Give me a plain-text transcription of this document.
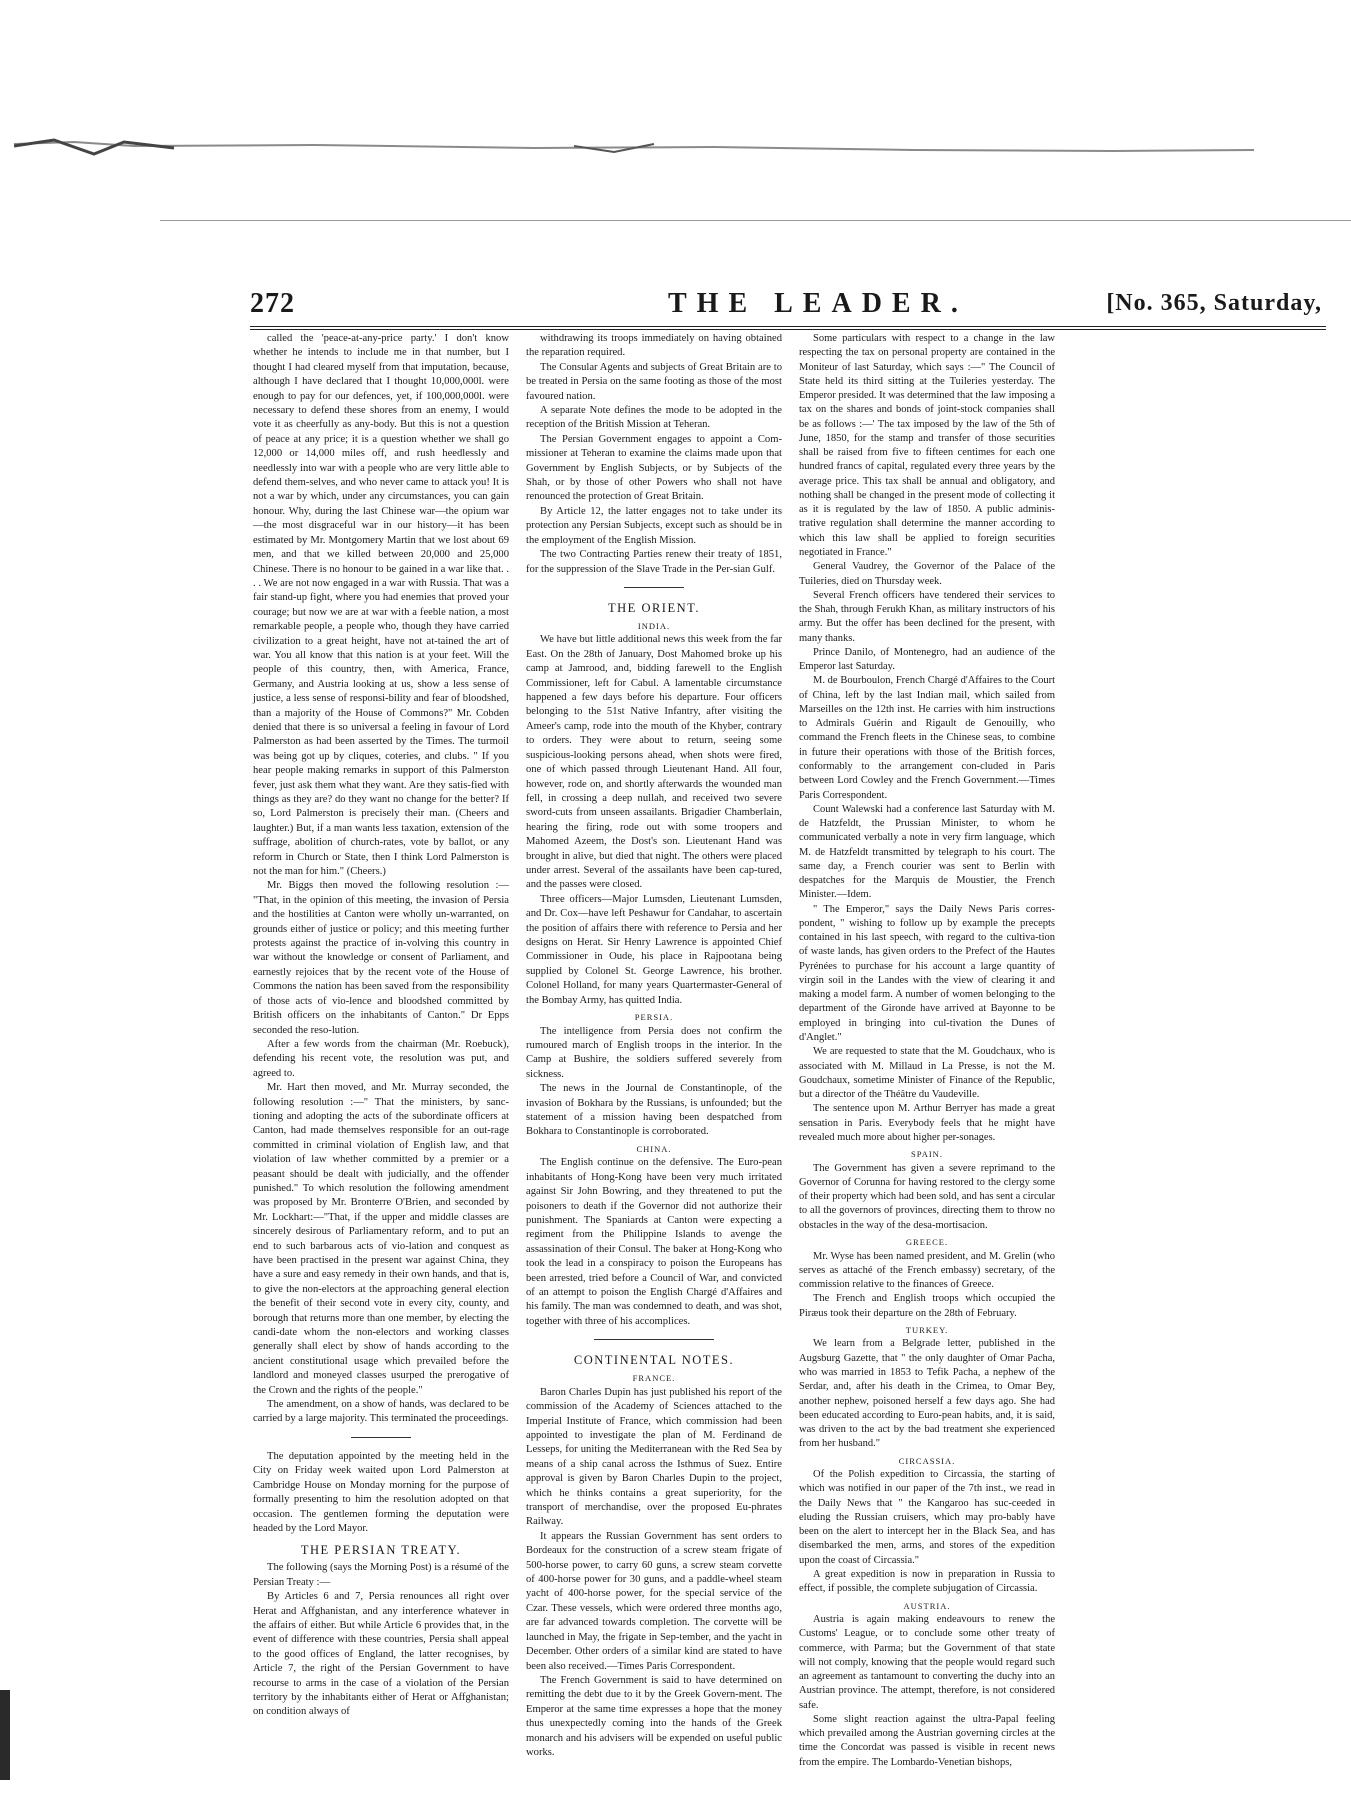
272	THE LEADER.	[No. 365, Saturday,

called the 'peace-at-any-price party.' I don't know whether he intends to include me in that number, but I thought I had cleared myself from that imputation, because, although I have declared that I thought 10,000,000l. were enough to pay for our defences, yet, if 100,000,000l. were necessary to defend these shores from an enemy, I would vote it as cheerfully as any-body. But this is not a question of peace at any price; it is a question whether we shall go 12,000 or 14,000 miles off, and rush heedlessly and needlessly into war with a people who are very little able to defend them-selves, and who never came to attack you! It is not a war by which, under any circumstances, you can gain honour. Why, during the last Chinese war—the opium war—the most disgraceful war in our history—it has been estimated by Mr. Montgomery Martin that we lost about 69 men, and that we killed between 20,000 and 25,000 Chinese. There is no honour to be gained in a war like that. . . . We are not now engaged in a war with Russia. That was a fair stand-up fight, where you had enemies that proved your courage; but now we are at war with a feeble nation, a most remarkable people, a people who, though they have carried civilization to a great height, have not at-tained the art of war. You all know that this nation is at your feet. Will the people of this country, then, with America, France, Germany, and Austria looking at us, show a less sense of justice, a less sense of responsi-bility and fear of bloodshed, than a majority of the House of Commons?" Mr. Cobden denied that there is so universal a feeling in favour of Lord Palmerston as had been asserted by the Times. The turmoil was being got up by cliques, coteries, and clubs. " If you hear people making remarks in support of this Palmerston fever, just ask them what they want. Are they satis-fied with things as they are? do they want no change for the better? If so, Lord Palmerston is precisely their man. (Cheers and laughter.) But, if a man wants less taxation, extension of the suffrage, abolition of church-rates, vote by ballot, or any reform in Church or State, then I think Lord Palmerston is not the man for him." (Cheers.)

Mr. Biggs then moved the following resolution :— "That, in the opinion of this meeting, the invasion of Persia and the hostilities at Canton were wholly un-warranted, on grounds either of justice or policy; and this meeting further protests against the practice of in-volving this country in war without the knowledge or consent of Parliament, and earnestly rejoices that by the recent vote of the House of Commons the nation has been saved from the responsibility of those acts of vio-lence and bloodshed committed by British officers on the inhabitants of Canton." Dr Epps seconded the reso-lution.

After a few words from the chairman (Mr. Roebuck), defending his recent vote, the resolution was put, and agreed to.

Mr. Hart then moved, and Mr. Murray seconded, the following resolution :—" That the ministers, by sanc-tioning and adopting the acts of the subordinate officers at Canton, had made themselves responsible for an out-rage committed in criminal violation of English law, and that violation of law whether committed by a premier or a peasant should be dealt with judicially, and the offender punished." To which resolution the following amendment was proposed by Mr. Bronterre O'Brien, and seconded by Mr. Lockhart:—"That, if the upper and middle classes are sincerely desirous of Parliamentary reform, and to put an end to such barbarous acts of vio-lation and conquest as have been practised in the present war against China, they have a sure and easy remedy in their own hands, and that is, to give the non-electors at the approaching general election the benefit of their second vote in every city, county, and borough that returns more than one member, by electing the candi-date whom the non-electors and working classes generally shall elect by show of hands according to the ancient constitutional usage which prevailed before the landlord and moneyed classes usurped the prerogative of the Crown and the rights of the people."

The amendment, on a show of hands, was declared to be carried by a large majority. This terminated the proceedings.

The deputation appointed by the meeting held in the City on Friday week waited upon Lord Palmerston at Cambridge House on Monday morning for the purpose of formally presenting to him the resolution adopted on that occasion. The gentlemen forming the deputation were headed by the Lord Mayor.

THE PERSIAN TREATY.

The following (says the Morning Post) is a résumé of the Persian Treaty :—

By Articles 6 and 7, Persia renounces all right over Herat and Affghanistan, and any interference whatever in the affairs of either. But while Article 6 provides that, in the event of difference with these countries, Persia shall appeal to the good offices of England, the latter recognises, by Article 7, the right of the Persian Government to have recourse to arms in the case of a violation of the Persian territory by the inhabitants either of Herat or Affghanistan; on condition always of

withdrawing its troops immediately on having obtained the reparation required.

The Consular Agents and subjects of Great Britain are to be treated in Persia on the same footing as those of the most favoured nation.

A separate Note defines the mode to be adopted in the reception of the British Mission at Teheran.

The Persian Government engages to appoint a Com-missioner at Teheran to examine the claims made upon that Government by English Subjects, or by Subjects of the Shah, or by those of other Powers who shall not have renounced the protection of Great Britain.

By Article 12, the latter engages not to take under its protection any Persian Subjects, except such as should be in the employment of the English Mission.

The two Contracting Parties renew their treaty of 1851, for the suppression of the Slave Trade in the Per-sian Gulf.

THE ORIENT.
INDIA.

We have but little additional news this week from the far East. On the 28th of January, Dost Mahomed broke up his camp at Jamrood, and, bidding farewell to the English Commissioner, left for Cabul. A lamentable circumstance happened a few days before his departure. Four officers belonging to the 51st Native Infantry, after visiting the Ameer's camp, rode into the mouth of the Khyber, contrary to orders. They were about to return, seeing some suspicious-looking persons ahead, when shots were fired, one of which passed through Lieutenant Hand. All four, however, rode on, and shortly afterwards the wounded man fell, in crossing a deep nullah, and received two severe sword-cuts from unseen assailants. Brigadier Chamberlain, hearing the firing, rode out with some troopers and Mahomed Azeem, the Dost's son. Lieutenant Hand was brought in alive, but died that night. The others were placed under arrest. Several of the assailants have been cap-tured, and the passes were closed.

Three officers—Major Lumsden, Lieutenant Lumsden, and Dr. Cox—have left Peshawur for Candahar, to ascertain the position of affairs there with reference to Persia and her designs on Herat. Sir Henry Lawrence is appointed Chief Commissioner in Oude, his place in Rajpootana being supplied by Colonel St. George Lawrence, his brother. Colonel Holland, for many years Quartermaster-General of the Bombay Army, has quitted India.

PERSIA.

The intelligence from Persia does not confirm the rumoured march of English troops in the interior. In the Camp at Bushire, the soldiers suffered severely from sickness.

The news in the Journal de Constantinople, of the invasion of Bokhara by the Russians, is unfounded; but the statement of a mission having been despatched from Bokhara to Constantinople is corroborated.

CHINA.

The English continue on the defensive. The Euro-pean inhabitants of Hong-Kong have been very much irritated against Sir John Bowring, and they threatened to put the poisoners to death if the Governor did not authorize their punishment. The Spaniards at Canton were expecting a regiment from the Philippine Islands to avenge the assassination of their Consul. The baker at Hong-Kong who took the lead in a conspiracy to poison the Europeans has been arrested, tried before a Council of War, and convicted of an attempt to poison the English Chargé d'Affaires and his family. The man was condemned to death, and was shot, together with three of his accomplices.

CONTINENTAL NOTES.
FRANCE.

Baron Charles Dupin has just published his report of the commission of the Academy of Sciences attached to the Imperial Institute of France, which commission had been appointed to investigate the plan of M. Ferdinand de Lesseps, for uniting the Mediterranean with the Red Sea by means of a ship canal across the Isthmus of Suez. Entire approval is given by Baron Charles Dupin to the project, which he thinks contains a great superiority, for the transport of merchandise, over the proposed Eu-phrates Railway.

It appears the Russian Government has sent orders to Bordeaux for the construction of a screw steam frigate of 500-horse power, to carry 60 guns, a screw steam corvette of 400-horse power for 30 guns, and a paddle-wheel steam yacht of 400-horse power, for the special service of the Czar. These vessels, which were ordered three months ago, are far advanced towards completion. The corvette will be launched in May, the frigate in Sep-tember, and the yacht in December. Other orders of a similar kind are stated to have been also received.—Times Paris Correspondent.

The French Government is said to have determined on remitting the debt due to it by the Greek Govern-ment. The Emperor at the same time expresses a hope that the money thus unexpectedly coming into the hands of the Greek monarch and his advisers will be expended on useful public works.

Some particulars with respect to a change in the law respecting the tax on personal property are contained in the Moniteur of last Saturday, which says :—" The Council of State held its third sitting at the Tuileries yesterday. The Emperor presided. It was determined that the law imposing a tax on the shares and bonds of joint-stock companies shall be as follows :—' The tax imposed by the law of the 5th of June, 1850, for the stamp and transfer of those securities shall be raised from five to fifteen centimes for each one hundred francs of capital, regulated every three years by the average price. This tax shall be annual and obligatory, and nothing shall be changed in the present mode of collecting it as it is regulated by the law of 1850. A public adminis-trative regulation shall determine the manner according to which this law shall be applied to foreign securities negotiated in France."

General Vaudrey, the Governor of the Palace of the Tuileries, died on Thursday week.

Several French officers have tendered their services to the Shah, through Ferukh Khan, as military instructors of his army. But the offer has been declined for the present, with many thanks.

Prince Danilo, of Montenegro, had an audience of the Emperor last Saturday.

M. de Bourboulon, French Chargé d'Affaires to the Court of China, left by the last Indian mail, which sailed from Marseilles on the 12th inst. He carries with him instructions to Admirals Guérin and Rigault de Genouilly, who command the French fleets in the Chinese seas, to combine in future their operations with those of the British forces, conformably to the arrangement con-cluded in Paris between Lord Cowley and the French Government.—Times Paris Correspondent.

Count Walewski had a conference last Saturday with M. de Hatzfeldt, the Prussian Minister, to whom he communicated verbally a note in very firm language, which M. de Hatzfeldt transmitted by telegraph to his court. The same day, a French courier was sent to Berlin with despatches for the Marquis de Moustier, the French Minister.—Idem.

" The Emperor," says the Daily News Paris corres-pondent, " wishing to follow up by example the precepts contained in his last speech, with regard to the cultiva-tion of waste lands, has given orders to the Prefect of the Hautes Pyrénées to purchase for his account a large quantity of virgin soil in the Landes with the view of clearing it and making a model farm. A number of women belonging to the department of the Gironde have arrived at Bayonne to be employed in bringing into cul-tivation the Dunes of d'Anglet."

We are requested to state that the M. Goudchaux, who is associated with M. Millaud in La Presse, is not the M. Goudchaux, sometime Minister of Finance of the Republic, but a director of the Théâtre du Vaudeville.

The sentence upon M. Arthur Berryer has made a great sensation in Paris. Everybody feels that he might have revealed much more about higher per-sonages.

SPAIN.

The Government has given a severe reprimand to the Governor of Corunna for having restored to the clergy some of their property which had been sold, and has sent a circular to all the governors of provinces, directing them to throw no obstacles in the way of the desa-mortisacion.

GREECE.

Mr. Wyse has been named president, and M. Grelin (who serves as attaché of the French embassy) secretary, of the commission relative to the finances of Greece.

The French and English troops which occupied the Piræus took their departure on the 28th of February.

TURKEY.

We learn from a Belgrade letter, published in the Augsburg Gazette, that " the only daughter of Omar Pacha, who was married in 1853 to Tefik Pacha, a nephew of the Serdar, and, after his death in the Crimea, to Omar Bey, another nephew, poisoned herself a few days ago. She had been educated according to Euro-pean habits, and, it is said, was driven to the act by the bad treatment she experienced from her husband."

CIRCASSIA.

Of the Polish expedition to Circassia, the starting of which was notified in our paper of the 7th inst., we read in the Daily News that " the Kangaroo has suc-ceeded in eluding the Russian cruisers, which may pro-bably have been on the alert to intercept her in the Black Sea, and has disembarked the men, arms, and stores of the expedition upon the coast of Circassia."

A great expedition is now in preparation in Russia to effect, if possible, the complete subjugation of Circassia.

AUSTRIA.

Austria is again making endeavours to renew the Customs' League, or to conclude some other treaty of commerce, with Parma; but the Government of that state will not comply, knowing that the people would regard such an agreement as tantamount to converting the duchy into an Austrian province. The attempt, therefore, is not considered safe.

Some slight reaction against the ultra-Papal feeling which prevailed among the Austrian governing circles at the time the Concordat was passed is visible in recent news from the empire. The Lombardo-Venetian bishops,
